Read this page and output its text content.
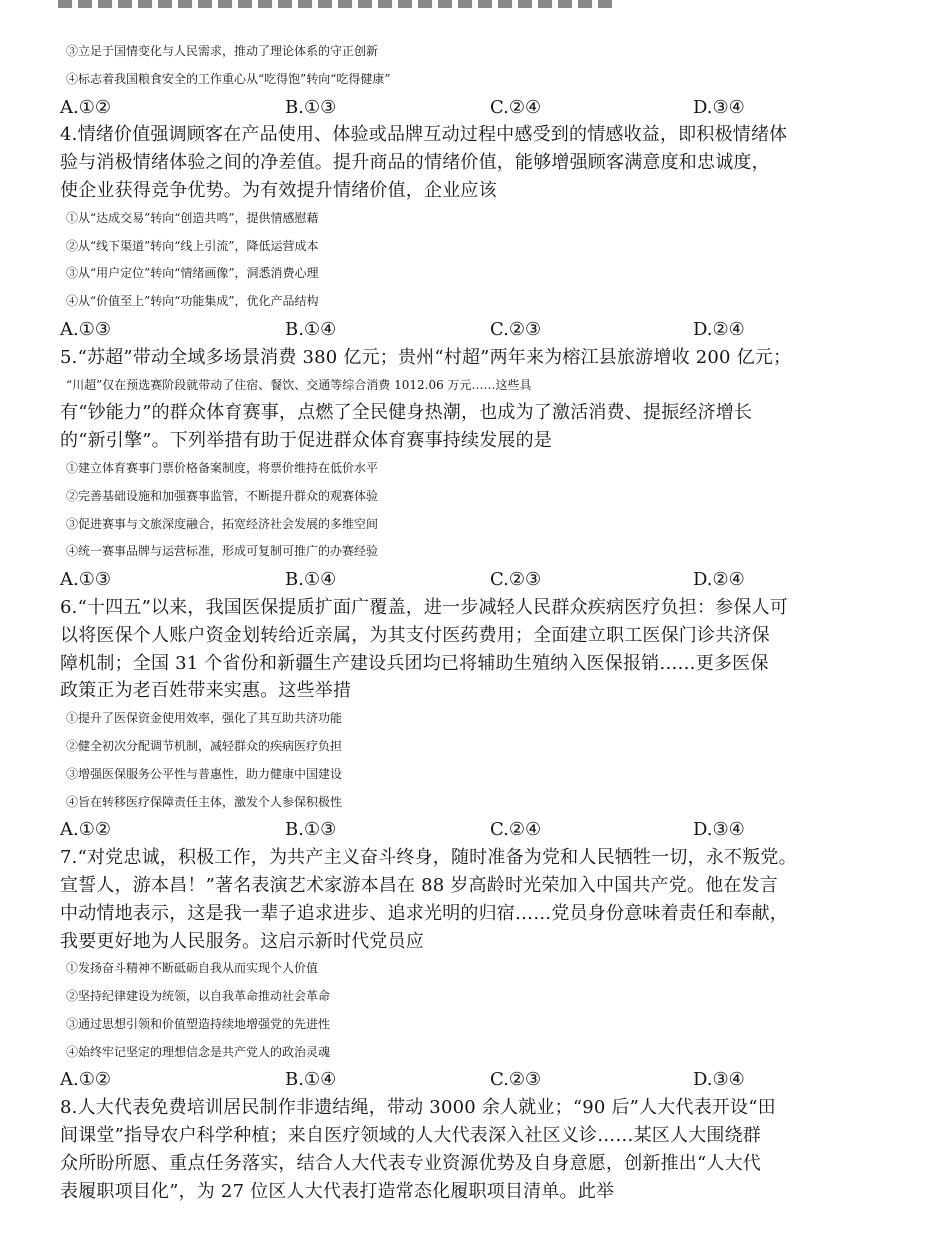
③立足于国情变化与人民需求，推动了理论体系的守正创新
④标志着我国粮食安全的工作重心从“吃得饱”转向“吃得健康”
A.①②	B.①③	C.②④	D.③④
4.情绪价值强调顾客在产品使用、体验或品牌互动过程中感受到的情感收益，即积极情绪体
验与消极情绪体验之间的净差值。提升商品的情绪价值，能够增强顾客满意度和忠诚度，
使企业获得竞争优势。为有效提升情绪价值，企业应该
①从“达成交易”转向“创造共鸣”，提供情感慰藉
②从“线下渠道”转向“线上引流”，降低运营成本
③从“用户定位”转向“情绪画像”，洞悉消费心理
④从“价值至上”转向“功能集成”，优化产品结构
A.①③	B.①④	C.②③	D.②④
5.“苏超”带动全域多场景消费 380 亿元；贵州“村超”两年来为榕江县旅游增收 200 亿元；
“川超”仅在预选赛阶段就带动了住宿、餐饮、交通等综合消费 1012.06 万元……这些具
有“钞能力”的群众体育赛事，点燃了全民健身热潮，也成为了激活消费、提振经济增长
的“新引擎”。下列举措有助于促进群众体育赛事持续发展的是
①建立体育赛事门票价格备案制度，将票价维持在低价水平
②完善基础设施和加强赛事监管，不断提升群众的观赛体验
③促进赛事与文旅深度融合，拓宽经济社会发展的多维空间
④统一赛事品牌与运营标准，形成可复制可推广的办赛经验
A.①③	B.①④	C.②③	D.②④
6.“十四五”以来，我国医保提质扩面广覆盖，进一步减轻人民群众疾病医疗负担：参保人可
以将医保个人账户资金划转给近亲属，为其支付医药费用；全面建立职工医保门诊共济保
障机制；全国 31 个省份和新疆生产建设兵团均已将辅助生殖纳入医保报销……更多医保
政策正为老百姓带来实惠。这些举措
①提升了医保资金使用效率，强化了其互助共济功能
②健全初次分配调节机制，减轻群众的疾病医疗负担
③增强医保服务公平性与普惠性，助力健康中国建设
④旨在转移医疗保障责任主体，激发个人参保积极性
A.①②	B.①③	C.②④	D.③④
7.“对党忠诚，积极工作，为共产主义奋斗终身，随时准备为党和人民牺牲一切，永不叛党。
宣誓人，游本昌！”著名表演艺术家游本昌在 88 岁高龄时光荣加入中国共产党。他在发言
中动情地表示，这是我一辈子追求进步、追求光明的归宿……党员身份意味着责任和奉献，
我要更好地为人民服务。这启示新时代党员应
①发扬奋斗精神不断砥砺自我从而实现个人价值
②坚持纪律建设为统领，以自我革命推动社会革命
③通过思想引领和价值塑造持续地增强党的先进性
④始终牢记坚定的理想信念是共产党人的政治灵魂
A.①②	B.①④	C.②③	D.③④
8.人大代表免费培训居民制作非遗结绳，带动 3000 余人就业；“90 后”人大代表开设“田
间课堂”指导农户科学种植；来自医疗领域的人大代表深入社区义诊……某区人大围绕群
众所盼所愿、重点任务落实，结合人大代表专业资源优势及自身意愿，创新推出“人大代
表履职项目化”，为 27 位区人大代表打造常态化履职项目清单。此举
